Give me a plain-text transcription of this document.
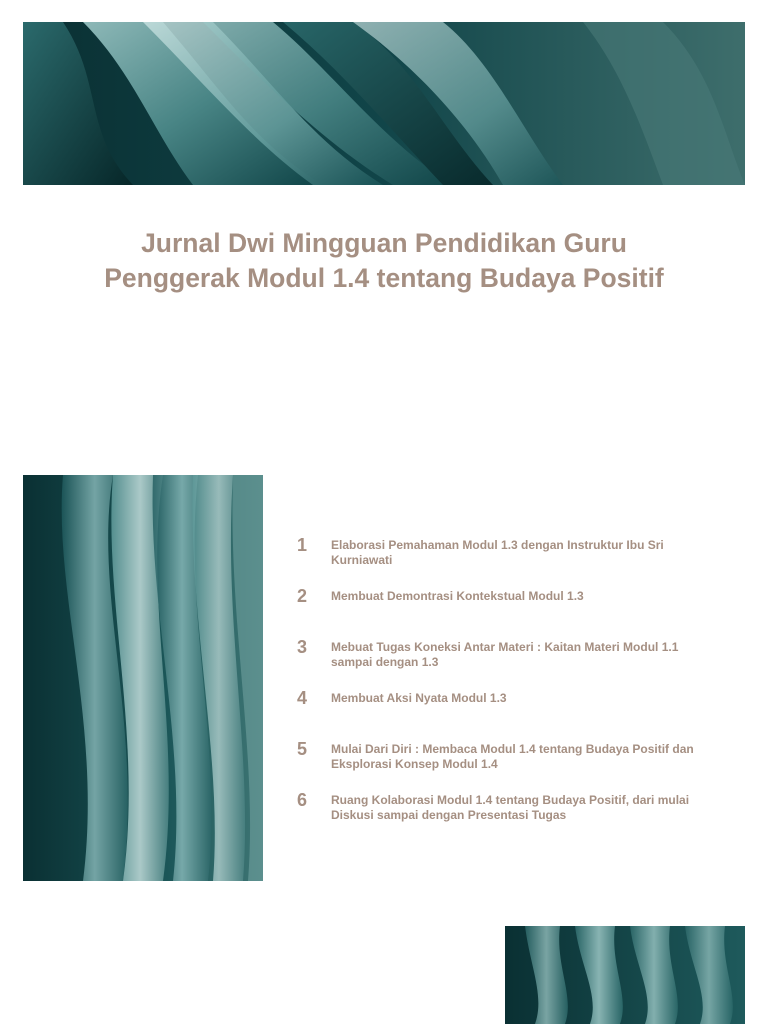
Jurnal Dwi Mingguan Pendidikan Guru Penggerak Modul 1.4 tentang Budaya Positif
1	Elaborasi Pemahaman Modul 1.3 dengan Instruktur Ibu Sri Kurniawati
2	Membuat Demontrasi Kontekstual Modul 1.3
3	Mebuat Tugas Koneksi Antar Materi : Kaitan Materi Modul 1.1 sampai dengan 1.3
4	Membuat Aksi Nyata Modul 1.3
5	Mulai Dari Diri : Membaca Modul 1.4 tentang Budaya Positif dan Eksplorasi Konsep Modul 1.4
6	Ruang Kolaborasi Modul 1.4 tentang Budaya Positif, dari mulai Diskusi sampai dengan Presentasi Tugas
